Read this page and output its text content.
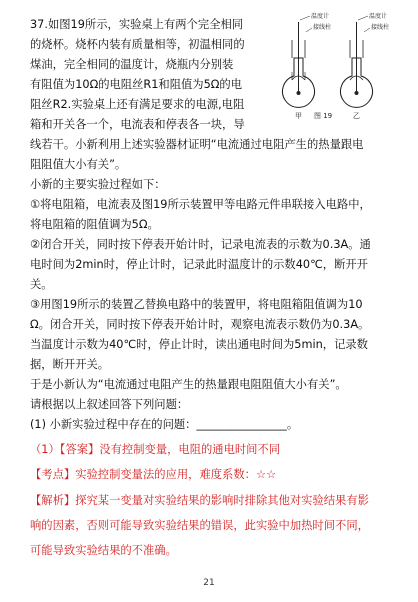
37.如图19所示，实验桌上有两个完全相同
的烧杯。烧杯内装有质量相等，初温相同的
煤油，完全相同的温度计，烧瓶内分别装
有阻值为10Ω的电阻丝R1和阻值为5Ω的电
阻丝R2.实验桌上还有满足要求的电源,电阻
箱和开关各一个，电流表和停表各一块，导
线若干。小新利用上述实验器材证明“电流通过电阻产生的热量跟电
阻阻值大小有关”。
小新的主要实验过程如下：
①将电阻箱，电流表及图19所示装置甲等电路元件串联接入电路中，
将电阻箱的阻值调为5Ω。
②闭合开关，同时按下停表开始计时，记录电流表的示数为0.3A。通
电时间为2min时，停止计时，记录此时温度计的示数40℃，断开开
关。
③用图19所示的装置乙替换电路中的装置甲，将电阻箱阻值调为10
Ω。闭合开关，同时按下停表开始计时，观察电流表示数仍为0.3A。
当温度计示数为40℃时，停止计时，读出通电时间为5min，记录数
据，断开开关。
于是小新认为“电流通过电阻产生的热量跟电阻阻值大小有关”。
请根据以上叙述回答下列问题：
(1) 小新实验过程中存在的问题：________________。
（1）【答案】没有控制变量，电阻的通电时间不同
【考点】实验控制变量法的应用，难度系数：☆☆
【解析】探究某一变量对实验结果的影响时排除其他对实验结果有影
响的因素，否则可能导致实验结果的错误，此实验中加热时间不同，
可能导致实验结果的不准确。
温度计
接线柱
温度计
接线柱
甲	乙
图 19
21
